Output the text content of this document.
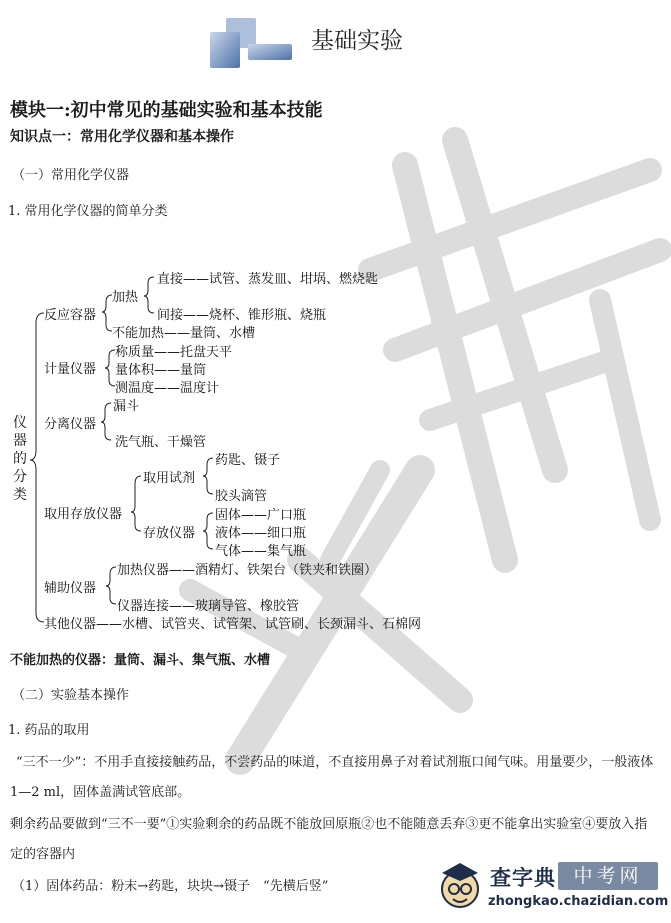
基础实验
模块一:初中常见的基础实验和基本技能
知识点一：常用化学仪器和基本操作
（一）常用化学仪器
1. 常用化学仪器的简单分类
仪器的分类
反应容器
加热
直接——试管、蒸发皿、坩埚、燃烧匙
间接——烧杯、锥形瓶、烧瓶
不能加热——量筒、水槽
计量仪器
称质量——托盘天平
量体积——量筒
测温度——温度计
分离仪器
漏斗
洗气瓶、干燥管
取用存放仪器
取用试剂
药匙、镊子
胶头滴管
存放仪器
固体——广口瓶
液体——细口瓶
气体——集气瓶
辅助仪器
加热仪器——酒精灯、铁架台（铁夹和铁圈）
仪器连接——玻璃导管、橡胶管
其他仪器——水槽、试管夹、试管架、试管刷、长颈漏斗、石棉网
不能加热的仪器：量筒、漏斗、集气瓶、水槽
（二）实验基本操作
1. 药品的取用
“三不一少”：不用手直接接触药品，不尝药品的味道，不直接用鼻子对着试剂瓶口闻气味。用量要少，一般液体 1—2 ml，固体盖满试管底部。
剩余药品要做到“三不一要”①实验剩余的药品既不能放回原瓶②也不能随意丢弃③更不能拿出实验室④要放入指定的容器内
（1）固体药品：粉末→药匙，块块→镊子　“先横后竖”	查字典 中考网
zhongkao.chazidian.com
